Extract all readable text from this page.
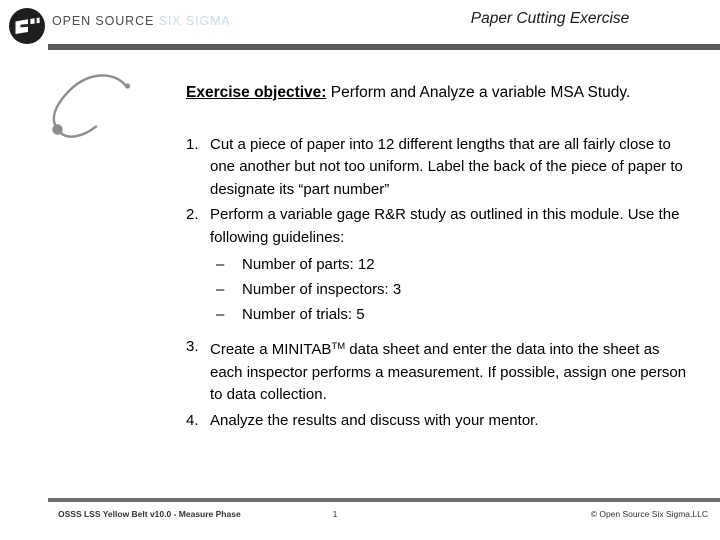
OPEN SOURCE SIX SIGMA	Paper Cutting Exercise

Exercise objective: Perform and Analyze a variable MSA Study.

1. Cut a piece of paper into 12 different lengths that are all fairly close to one another but not too uniform. Label the back of the piece of paper to designate its “part number”
2. Perform a variable gage R&R study as outlined in this module. Use the following guidelines:
– Number of parts: 12
– Number of inspectors: 3
– Number of trials: 5
3. Create a MINITAB™ data sheet and enter the data into the sheet as each inspector performs a measurement. If possible, assign one person to data collection.
4. Analyze the results and discuss with your mentor.
OSSS LSS Yellow Belt v10.0 - Measure Phase	1	© Open Source Six Sigma,LLC
